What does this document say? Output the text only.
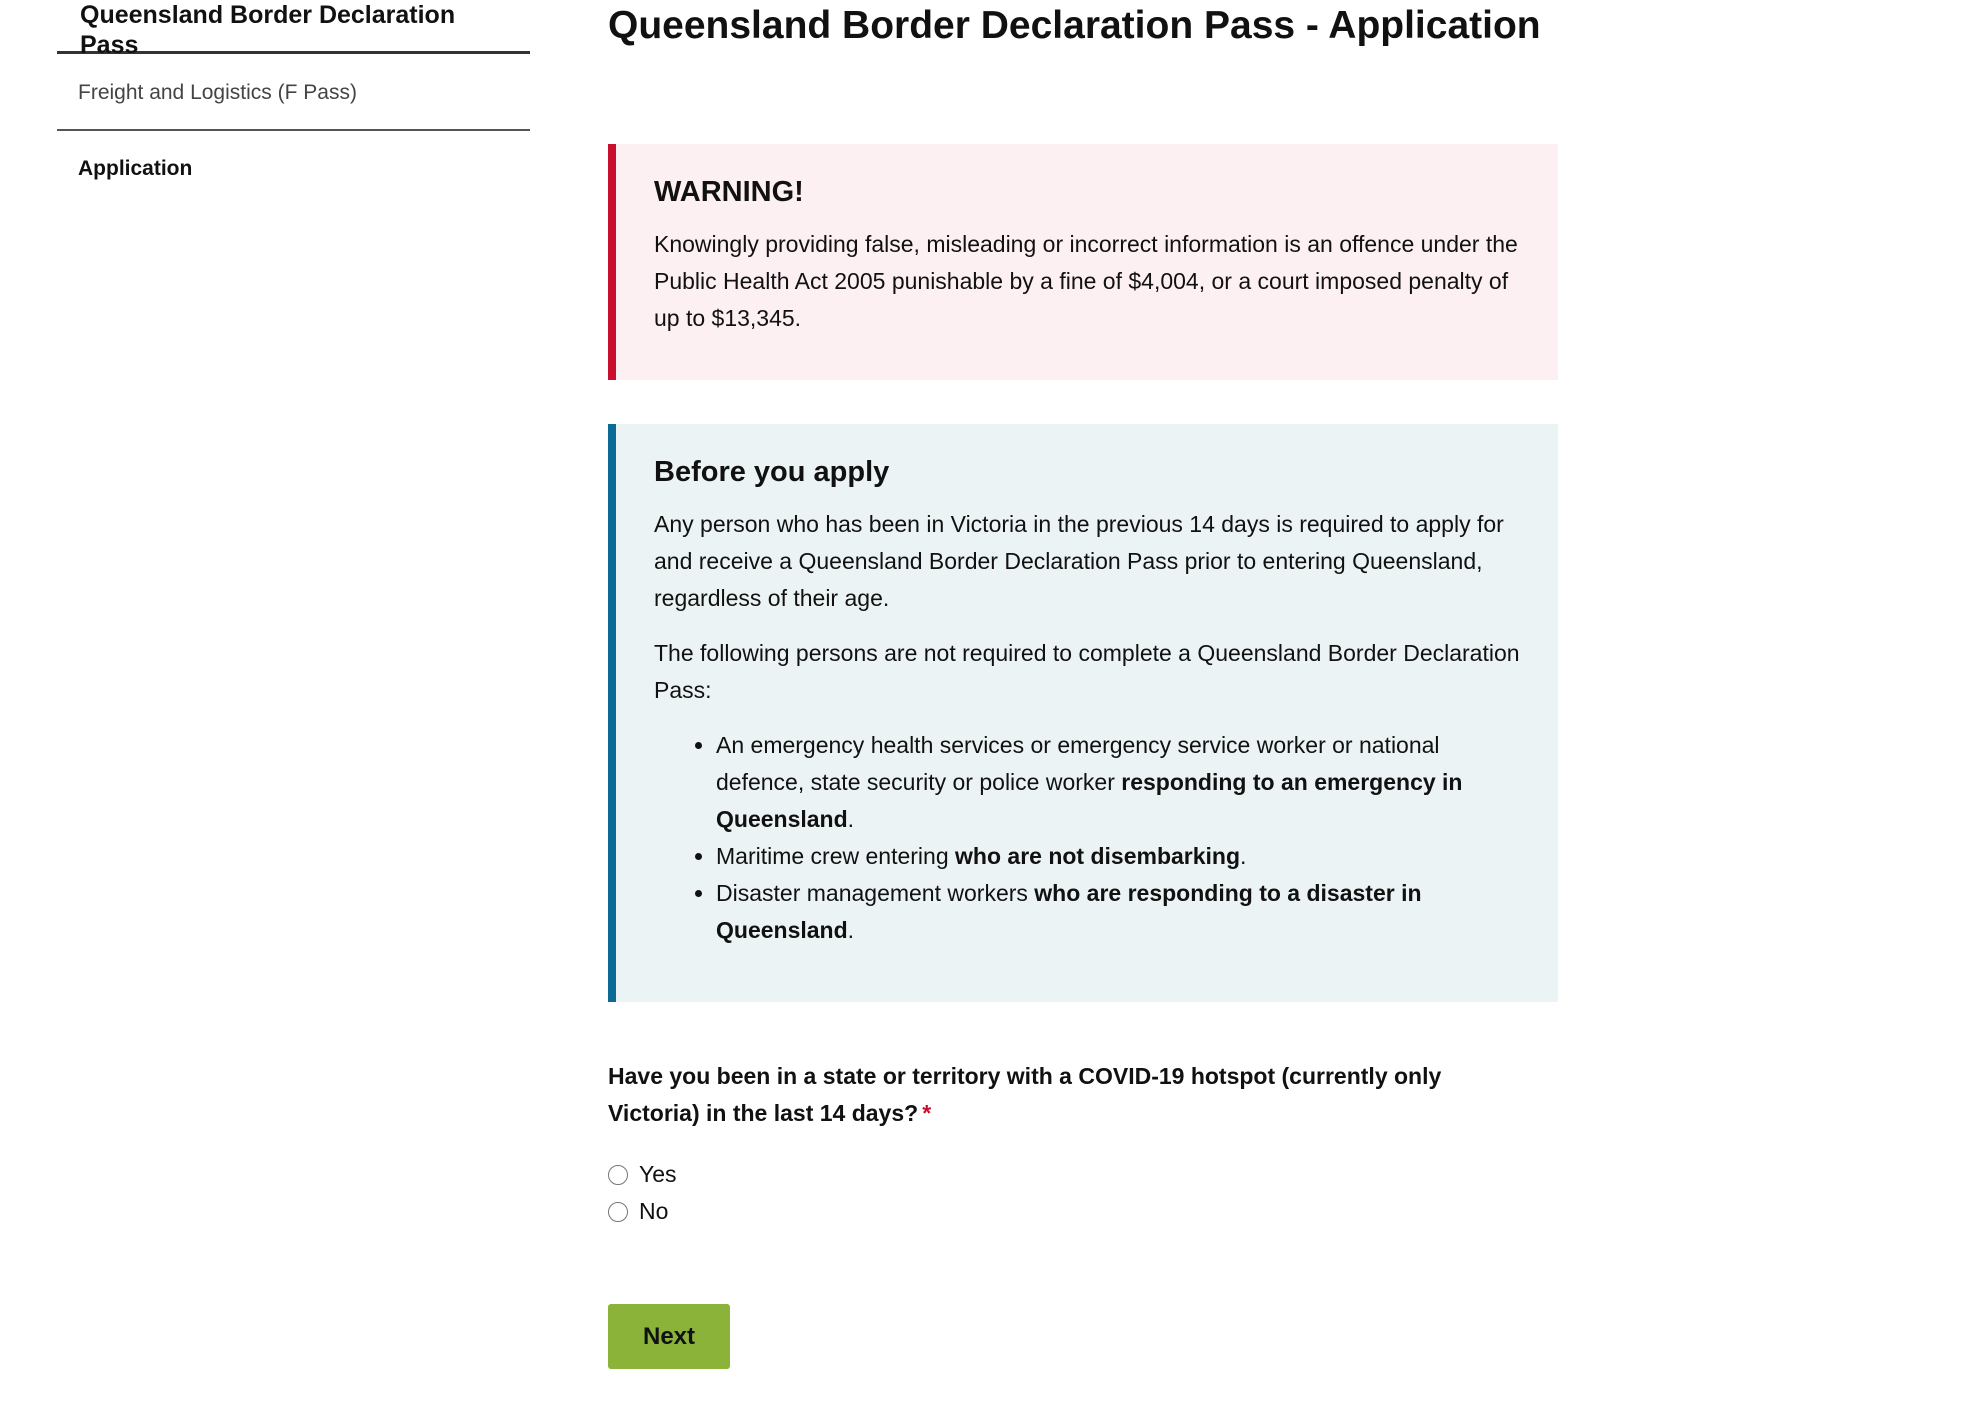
Queensland Border Declaration Pass
Freight and Logistics (F Pass)
Application
Queensland Border Declaration Pass - Application
WARNING!

Knowingly providing false, misleading or incorrect information is an offence under the Public Health Act 2005 punishable by a fine of $4,004, or a court imposed penalty of up to $13,345.

Before you apply

Any person who has been in Victoria in the previous 14 days is required to apply for and receive a Queensland Border Declaration Pass prior to entering Queensland, regardless of their age.

The following persons are not required to complete a Queensland Border Declaration Pass:

• An emergency health services or emergency service worker or national defence, state security or police worker responding to an emergency in Queensland.
• Maritime crew entering who are not disembarking.
• Disaster management workers who are responding to a disaster in Queensland.
Have you been in a state or territory with a COVID-19 hotspot (currently only Victoria) in the last 14 days? *
Yes
No
Next
